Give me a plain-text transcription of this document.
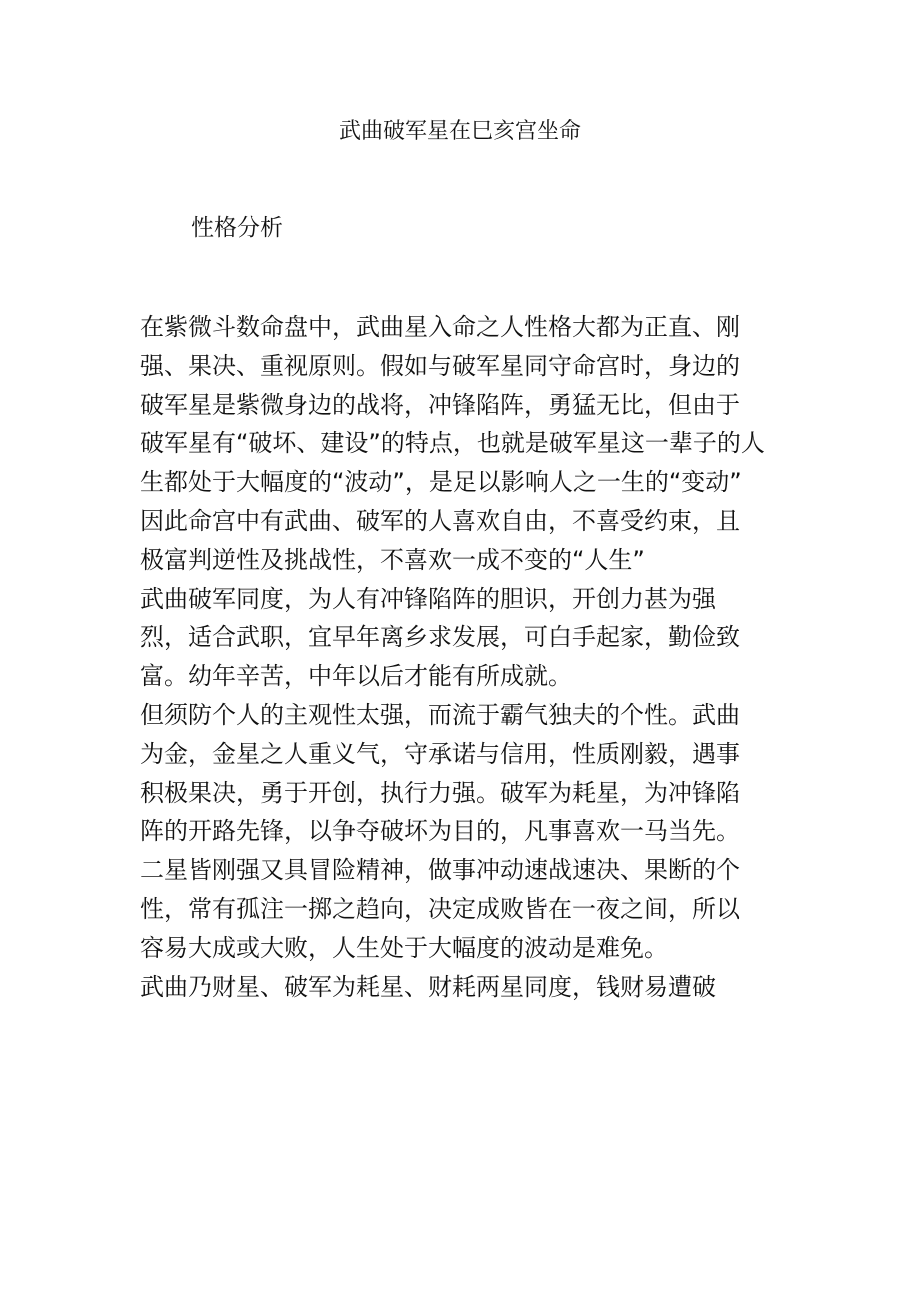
武曲破军星在巳亥宫坐命
性格分析
在紫微斗数命盘中，武曲星入命之人性格大都为正直、刚
强、果决、重视原则。假如与破军星同守命宫时，身边的
破军星是紫微身边的战将，冲锋陷阵，勇猛无比，但由于
破军星有“破坏、建设”的特点，也就是破军星这一辈子的人
生都处于大幅度的“波动”，是足以影响人之一生的“变动”
因此命宫中有武曲、破军的人喜欢自由，不喜受约束，且
极富判逆性及挑战性，不喜欢一成不变的“人生”
武曲破军同度，为人有冲锋陷阵的胆识，开创力甚为强
烈，适合武职，宜早年离乡求发展，可白手起家，勤俭致
富。幼年辛苦，中年以后才能有所成就。
但须防个人的主观性太强，而流于霸气独夫的个性。武曲
为金，金星之人重义气，守承诺与信用，性质刚毅，遇事
积极果决，勇于开创，执行力强。破军为耗星，为冲锋陷
阵的开路先锋，以争夺破坏为目的，凡事喜欢一马当先。
二星皆刚强又具冒险精神，做事冲动速战速决、果断的个
性，常有孤注一掷之趋向，决定成败皆在一夜之间，所以
容易大成或大败，人生处于大幅度的波动是难免。
武曲乃财星、破军为耗星、财耗两星同度，钱财易遭破
